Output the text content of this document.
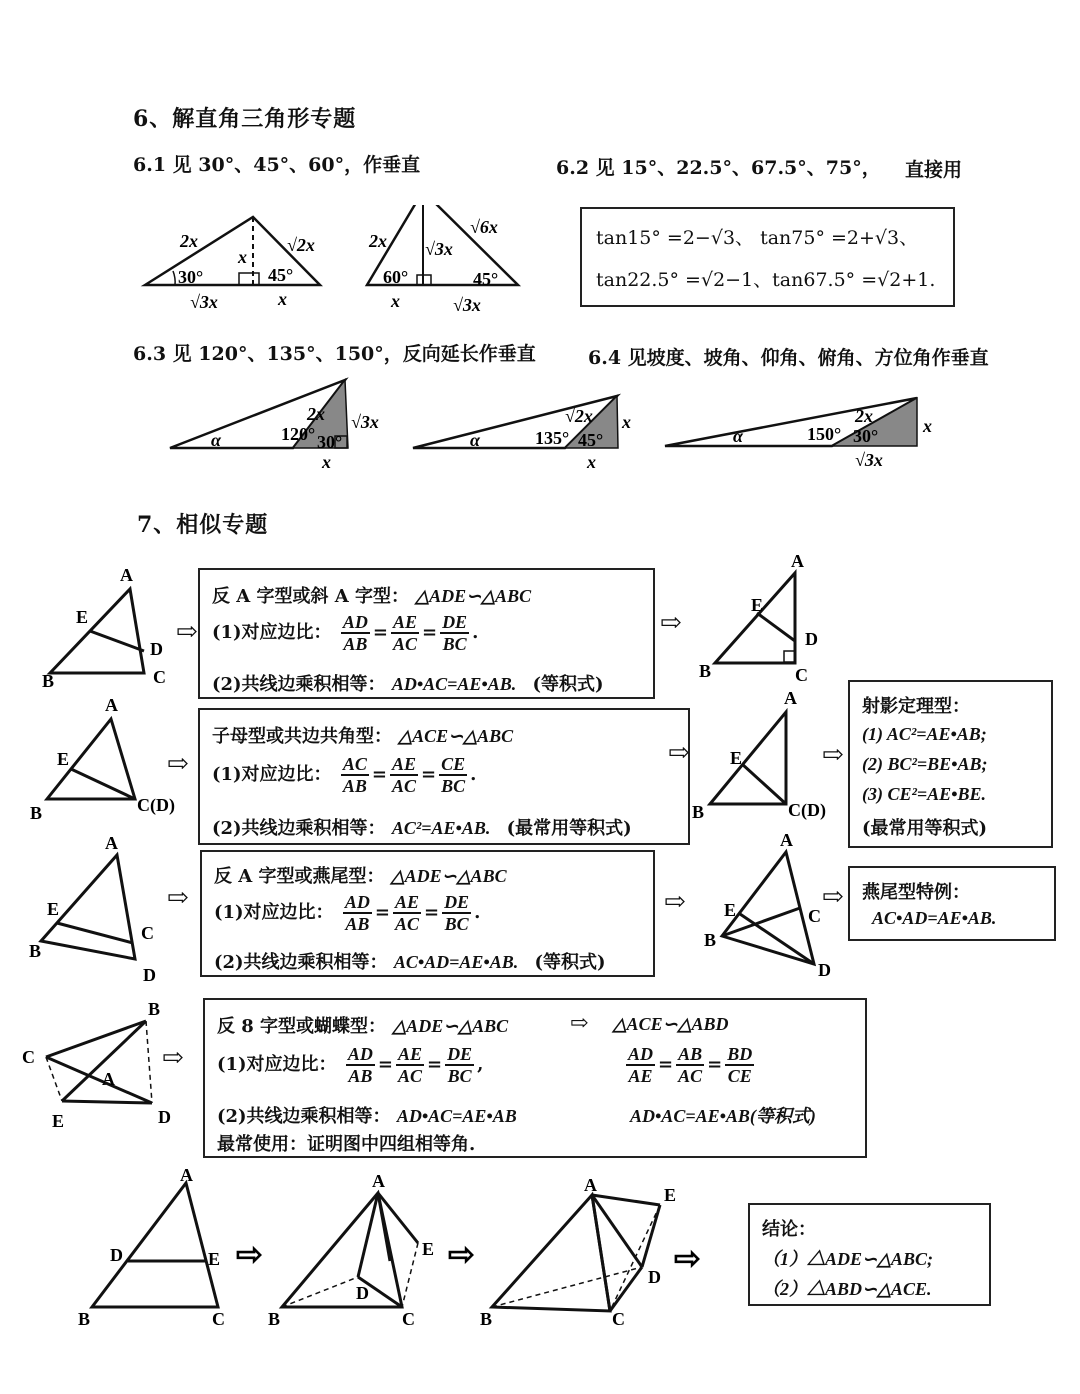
6、解直角三角形专题
6.1 见 30°、45°、60°，作垂直	6.2 见 15°、22.5°、67.5°、75°， 直接用
30°	45°
2x
x
√2x
√3x	x
60°	45°
2x √3x
√6x
x	√3x
tan15° =2−√3、 tan75° =2+√3、
tan22.5° =√2−1、tan67.5° =√2+1.
6.3 见 120°、135°、150°，反向延长作垂直	6.4 见坡度、坡角、仰角、俯角、方位角作垂直
α	120° 30°
2x √3x
x
α	135° 45°
√2x x
x
α	150° 30°
2x	x
√3x
7、相似专题
A
E
D
B	C
⇨
反 A 字型或斜 A 字型： △ADE∽△ABC
(1)对应边比： $\frac{AD}{AB} = \frac{AE}{AC} = \frac{DE}{BC}$ .
(2)共线边乘积相等： AD•AC=AE•AB. (等积式)
⇨
A
E
D
B	C
A
E
B	C(D)
⇨
子母型或共边共角型： △ACE∽△ABC
(1)对应边比： $\frac{AC}{AB} = \frac{AE}{AC} = \frac{CE}{BC}$ .
(2)共线边乘积相等： AC²=AE•AB. (最常用等积式)
⇨
A
E
B	C(D)
⇨
射影定理型：
(1) AC²=AE•AB;
(2) BC²=BE•AB;
(3) CE²=AE•BE.
(最常用等积式)
A
E
C
B
D
⇨
反 A 字型或燕尾型： △ADE∽△ABC
(1)对应边比： $\frac{AD}{AB} = \frac{AE}{AC} = \frac{DE}{BC}$ .
(2)共线边乘积相等： AC•AD=AE•AB. (等积式)
⇨
A
E	C
B
D
⇨ 燕尾型特例：
AC•AD=AE•AB.
B
C
A
E	D
⇨
反 8 字型或蝴蝶型： △ADE∽△ABC	⇨ △ACE∽△ABD
(1)对应边比： $\frac{AD}{AB} = \frac{AE}{AC} = \frac{DE}{BC}$ ,	$\frac{AD}{AE} = \frac{AB}{AC} = \frac{BD}{CE}$
(2)共线边乘积相等： AD•AC=AE•AB	AD•AC=AE•AB(等积式)
最常使用：证明图中四组相等角.
A
D	E
B	C
⇨
A
D
E
B	C
⇨
A	E
D
B	C
⇨
结论：
（1）△ADE∽△ABC;
（2）△ABD∽△ACE.
